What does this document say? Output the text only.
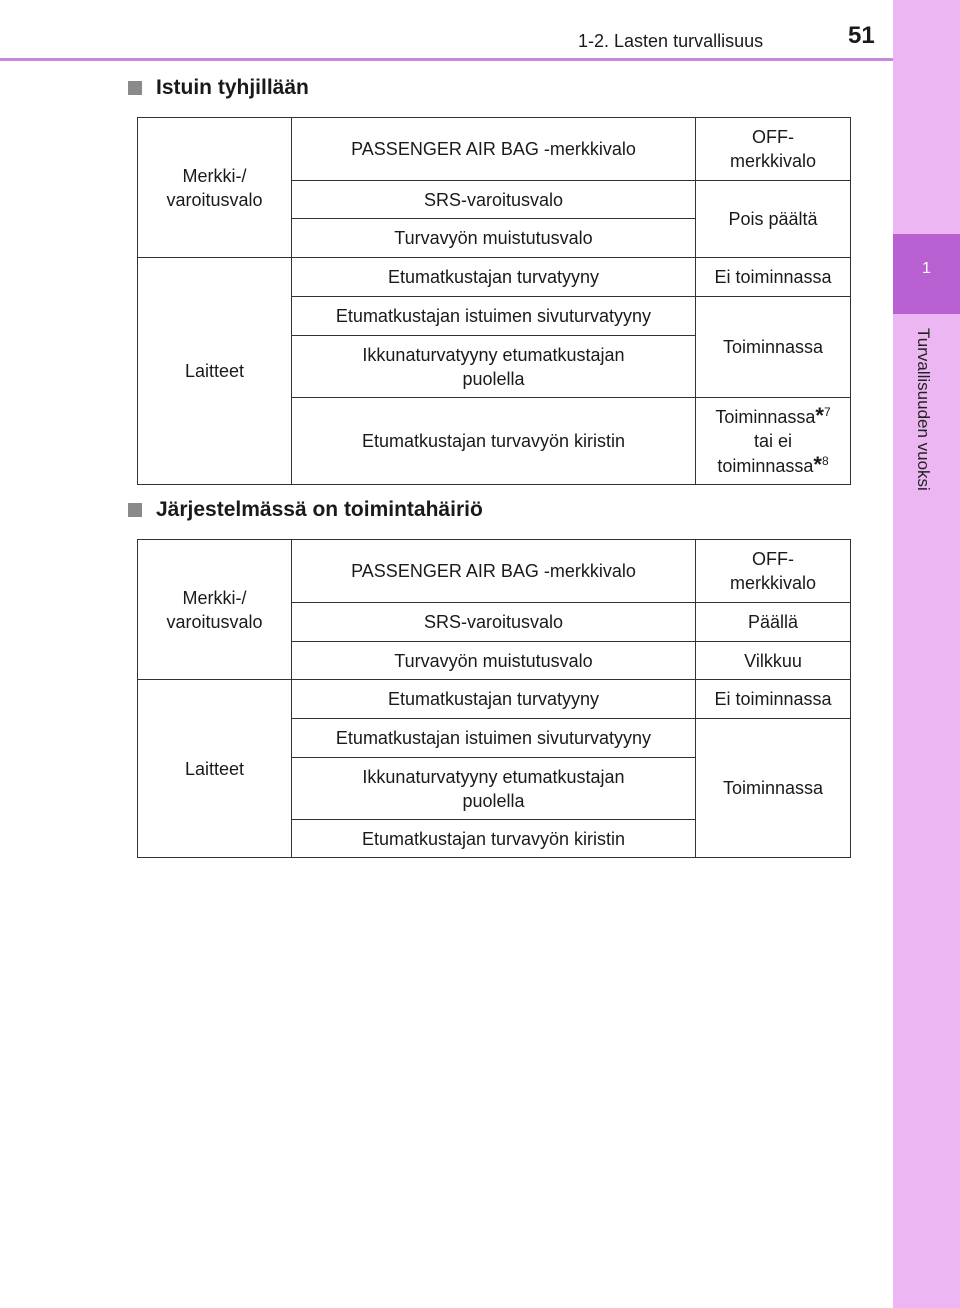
1
Turvallisuuden vuoksi
1-2. Lasten turvallisuus	51
Istuin tyhjillään
Merkki-/
varoitusvalo	PASSENGER AIR BAG -merkkivalo	OFF-
merkkivalo
	SRS-varoitusvalo	Pois päältä
	Turvavyön muistutusvalo	
Laitteet	Etumatkustajan turvatyyny	Ei toiminnassa
	Etumatkustajan istuimen sivuturvatyyny	Toiminnassa
	Ikkunaturvatyyny etumatkustajan
puolella	
	Etumatkustajan turvavyön kiristin	Toiminnassa*$^7$
tai ei
toiminnassa*$^8$
Järjestelmässä on toimintahäiriö
Merkki-/
varoitusvalo	PASSENGER AIR BAG -merkkivalo	OFF-
merkkivalo
	SRS-varoitusvalo	Päällä
	Turvavyön muistutusvalo	Vilkkuu
Laitteet	Etumatkustajan turvatyyny	Ei toiminnassa
	Etumatkustajan istuimen sivuturvatyyny	Toiminnassa
	Ikkunaturvatyyny etumatkustajan
puolella	
	Etumatkustajan turvavyön kiristin	
